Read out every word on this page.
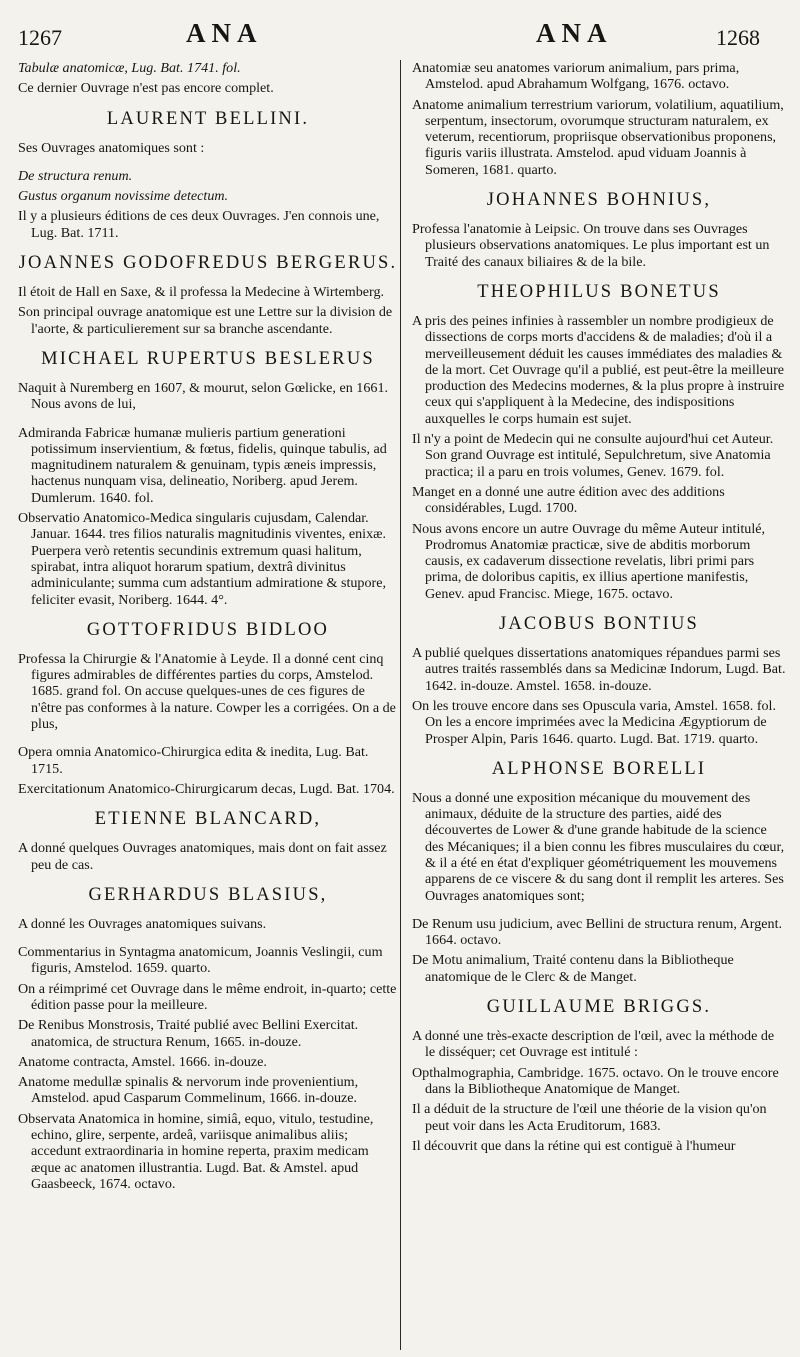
1267	ANA	ANA	1268

Tabulæ anatomicæ, Lug. Bat. 1741. fol.

Ce dernier Ouvrage n'est pas encore complet.

LAURENT BELLINI.

Ses Ouvrages anatomiques sont :

De structura renum.

Gustus organum novissime detectum.

Il y a plusieurs éditions de ces deux Ouvrages. J'en connois une, Lug. Bat. 1711.

JOANNES GODOFREDUS BERGERUS.

Il étoit de Hall en Saxe, & il professa la Medecine à Wirtemberg.

Son principal ouvrage anatomique est une Lettre sur la division de l'aorte, & particulierement sur sa branche ascendante.

MICHAEL RUPERTUS BESLERUS

Naquit à Nuremberg en 1607, & mourut, selon Gœlicke, en 1661. Nous avons de lui,

Admiranda Fabricæ humanæ mulieris partium generationi potissimum inservientium, & fœtus, fidelis, quinque tabulis, ad magnitudinem naturalem & genuinam, typis æneis impressis, hactenus nunquam visa, delineatio, Noriberg. apud Jerem. Dumlerum. 1640. fol.

Observatio Anatomico-Medica singularis cujusdam, Calendar. Januar. 1644. tres filios naturalis magnitudinis viventes, enixæ. Puerpera verò retentis secundinis extremum quasi halitum, spirabat, intra aliquot horarum spatium, dextrâ divinitus adminiculante; summa cum adstantium admiratione & stupore, feliciter evasit, Noriberg. 1644. 4°.

GOTTOFRIDUS BIDLOO

Professa la Chirurgie & l'Anatomie à Leyde. Il a donné cent cinq figures admirables de différentes parties du corps, Amstelod. 1685. grand fol. On accuse quelques-unes de ces figures de n'être pas conformes à la nature. Cowper les a corrigées. On a de plus,

Opera omnia Anatomico-Chirurgica edita & inedita, Lug. Bat. 1715.

Exercitationum Anatomico-Chirurgicarum decas, Lugd. Bat. 1704.

ETIENNE BLANCARD,

A donné quelques Ouvrages anatomiques, mais dont on fait assez peu de cas.

GERHARDUS BLASIUS,

A donné les Ouvrages anatomiques suivans.

Commentarius in Syntagma anatomicum, Joannis Veslingii, cum figuris, Amstelod. 1659. quarto.

On a réimprimé cet Ouvrage dans le même endroit, in-quarto; cette édition passe pour la meilleure.

De Renibus Monstrosis, Traité publié avec Bellini Exercitat. anatomica, de structura Renum, 1665. in-douze.

Anatome contracta, Amstel. 1666. in-douze.

Anatome medullæ spinalis & nervorum inde provenientium, Amstelod. apud Casparum Commelinum, 1666. in-douze.

Observata Anatomica in homine, simiâ, equo, vitulo, testudine, echino, glire, serpente, ardeâ, variisque animalibus aliis; accedunt extraordinaria in homine reperta, praxim medicam æque ac anatomen illustrantia. Lugd. Bat. & Amstel. apud Gaasbeeck, 1674. octavo.

Anatomiæ seu anatomes variorum animalium, pars prima, Amstelod. apud Abrahamum Wolfgang, 1676. octavo.

Anatome animalium terrestrium variorum, volatilium, aquatilium, serpentum, insectorum, ovorumque structuram naturalem, ex veterum, recentiorum, propriisque observationibus proponens, figuris variis illustrata. Amstelod. apud viduam Joannis à Someren, 1681. quarto.

JOHANNES BOHNIUS,

Professa l'anatomie à Leipsic. On trouve dans ses Ouvrages plusieurs observations anatomiques. Le plus important est un Traité des canaux biliaires & de la bile.

THEOPHILUS BONETUS

A pris des peines infinies à rassembler un nombre prodigieux de dissections de corps morts d'accidens & de maladies; d'où il a merveilleusement déduit les causes immédiates des maladies & de la mort. Cet Ouvrage qu'il a publié, est peut-être la meilleure production des Medecins modernes, & la plus propre à instruire ceux qui s'appliquent à la Medecine, des indispositions auxquelles le corps humain est sujet.

Il n'y a point de Medecin qui ne consulte aujourd'hui cet Auteur. Son grand Ouvrage est intitulé, Sepulchretum, sive Anatomia practica; il a paru en trois volumes, Genev. 1679. fol.

Manget en a donné une autre édition avec des additions considérables, Lugd. 1700.

Nous avons encore un autre Ouvrage du même Auteur intitulé, Prodromus Anatomiæ practicæ, sive de abditis morborum causis, ex cadaverum dissectione revelatis, libri primi pars prima, de doloribus capitis, ex illius apertione manifestis, Genev. apud Francisc. Miege, 1675. octavo.

JACOBUS BONTIUS

A publié quelques dissertations anatomiques répandues parmi ses autres traités rassemblés dans sa Medicinæ Indorum, Lugd. Bat. 1642. in-douze. Amstel. 1658. in-douze.

On les trouve encore dans ses Opuscula varia, Amstel. 1658. fol. On les a encore imprimées avec la Medicina Ægyptiorum de Prosper Alpin, Paris 1646. quarto. Lugd. Bat. 1719. quarto.

ALPHONSE BORELLI

Nous a donné une exposition mécanique du mouvement des animaux, déduite de la structure des parties, aidé des découvertes de Lower & d'une grande habitude de la science des Mécaniques; il a bien connu les fibres musculaires du cœur, & il a été en état d'expliquer géométriquement les mouvemens apparens de ce viscere & du sang dont il remplit les arteres. Ses Ouvrages anatomiques sont;

De Renum usu judicium, avec Bellini de structura renum, Argent. 1664. octavo.

De Motu animalium, Traité contenu dans la Bibliotheque anatomique de le Clerc & de Manget.

GUILLAUME BRIGGS.

A donné une très-exacte description de l'œil, avec la méthode de le disséquer; cet Ouvrage est intitulé :

Opthalmographia, Cambridge. 1675. octavo. On le trouve encore dans la Bibliotheque Anatomique de Manget.

Il a déduit de la structure de l'œil une théorie de la vision qu'on peut voir dans les Acta Eruditorum, 1683.

Il découvrit que dans la rétine qui est contiguë à l'humeur
